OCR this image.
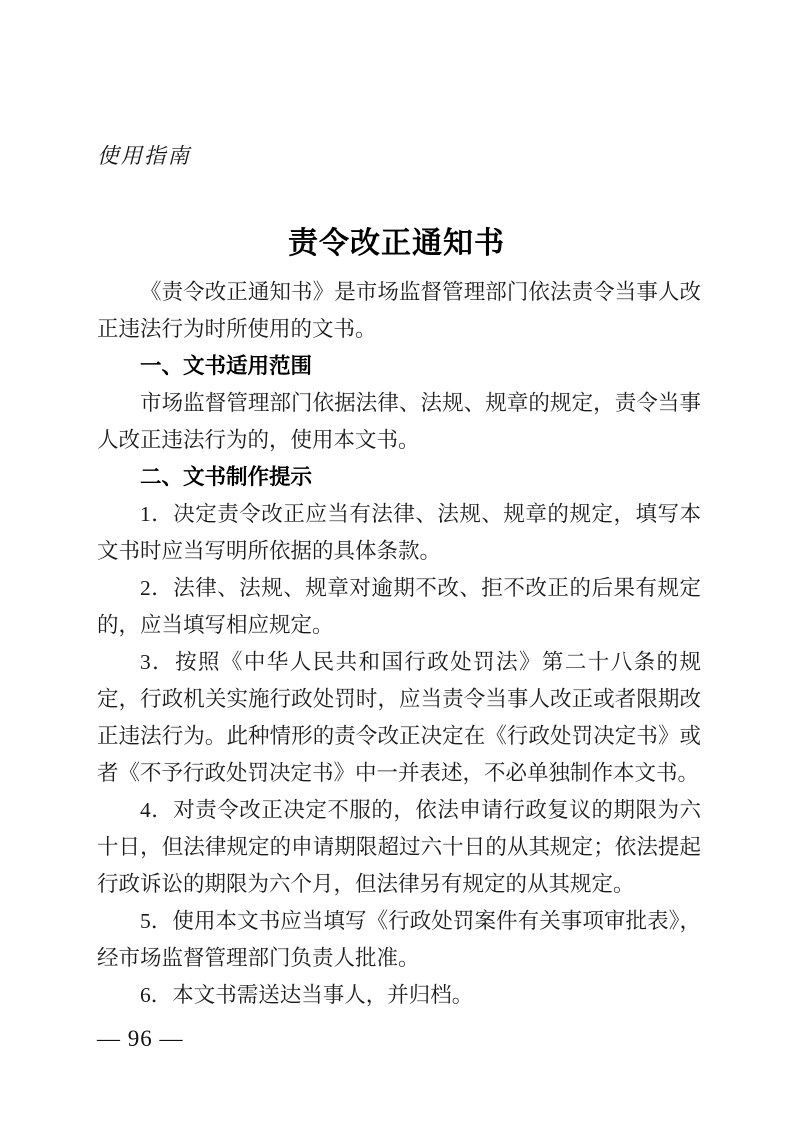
使用指南
责令改正通知书

《责令改正通知书》是市场监督管理部门依法责令当事人改正违法行为时所使用的文书。

一、文书适用范围

市场监督管理部门依据法律、法规、规章的规定，责令当事人改正违法行为的，使用本文书。

二、文书制作提示

1．决定责令改正应当有法律、法规、规章的规定，填写本文书时应当写明所依据的具体条款。

2．法律、法规、规章对逾期不改、拒不改正的后果有规定的，应当填写相应规定。

3．按照《中华人民共和国行政处罚法》第二十八条的规定，行政机关实施行政处罚时，应当责令当事人改正或者限期改正违法行为。此种情形的责令改正决定在《行政处罚决定书》或者《不予行政处罚决定书》中一并表述，不必单独制作本文书。

4．对责令改正决定不服的，依法申请行政复议的期限为六十日，但法律规定的申请期限超过六十日的从其规定；依法提起行政诉讼的期限为六个月，但法律另有规定的从其规定。

5．使用本文书应当填写《行政处罚案件有关事项审批表》，经市场监督管理部门负责人批准。

6．本文书需送达当事人，并归档。

— 96 —
